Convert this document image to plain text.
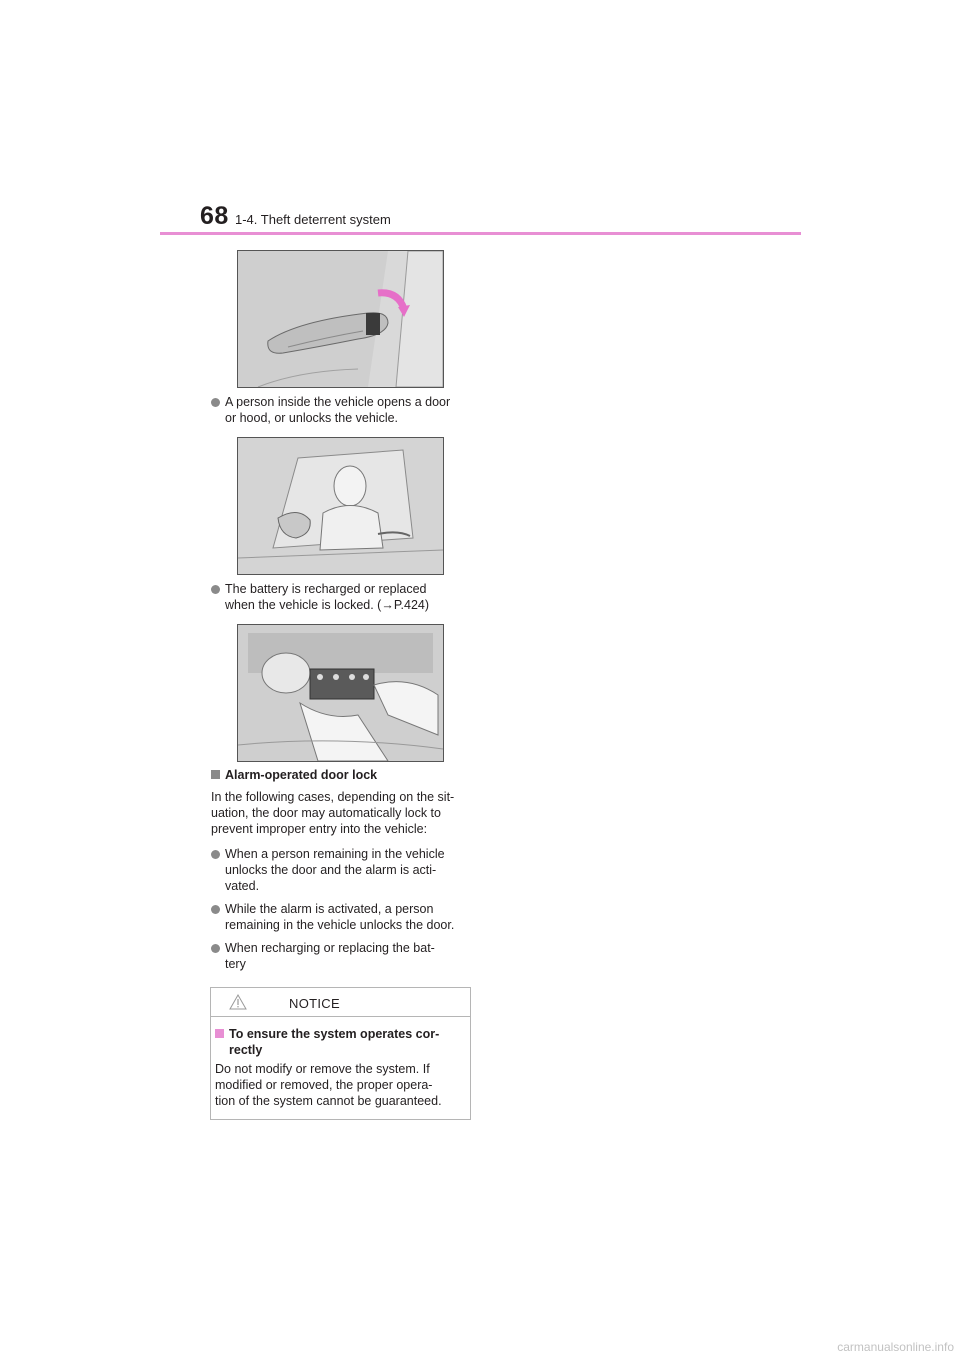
68 1-4. Theft deterrent system
A person inside the vehicle opens a door
or hood, or unlocks the vehicle.
The battery is recharged or replaced
when the vehicle is locked. (→P.424)
Alarm-operated door lock
In the following cases, depending on the sit-
uation, the door may automatically lock to
prevent improper entry into the vehicle:
When a person remaining in the vehicle
unlocks the door and the alarm is acti-
vated.
While the alarm is activated, a person
remaining in the vehicle unlocks the door.
When recharging or replacing the bat-
tery
NOTICE
To ensure the system operates cor-
rectly
Do not modify or remove the system. If
modified or removed, the proper opera-
tion of the system cannot be guaranteed.
carmanualsonline.info
